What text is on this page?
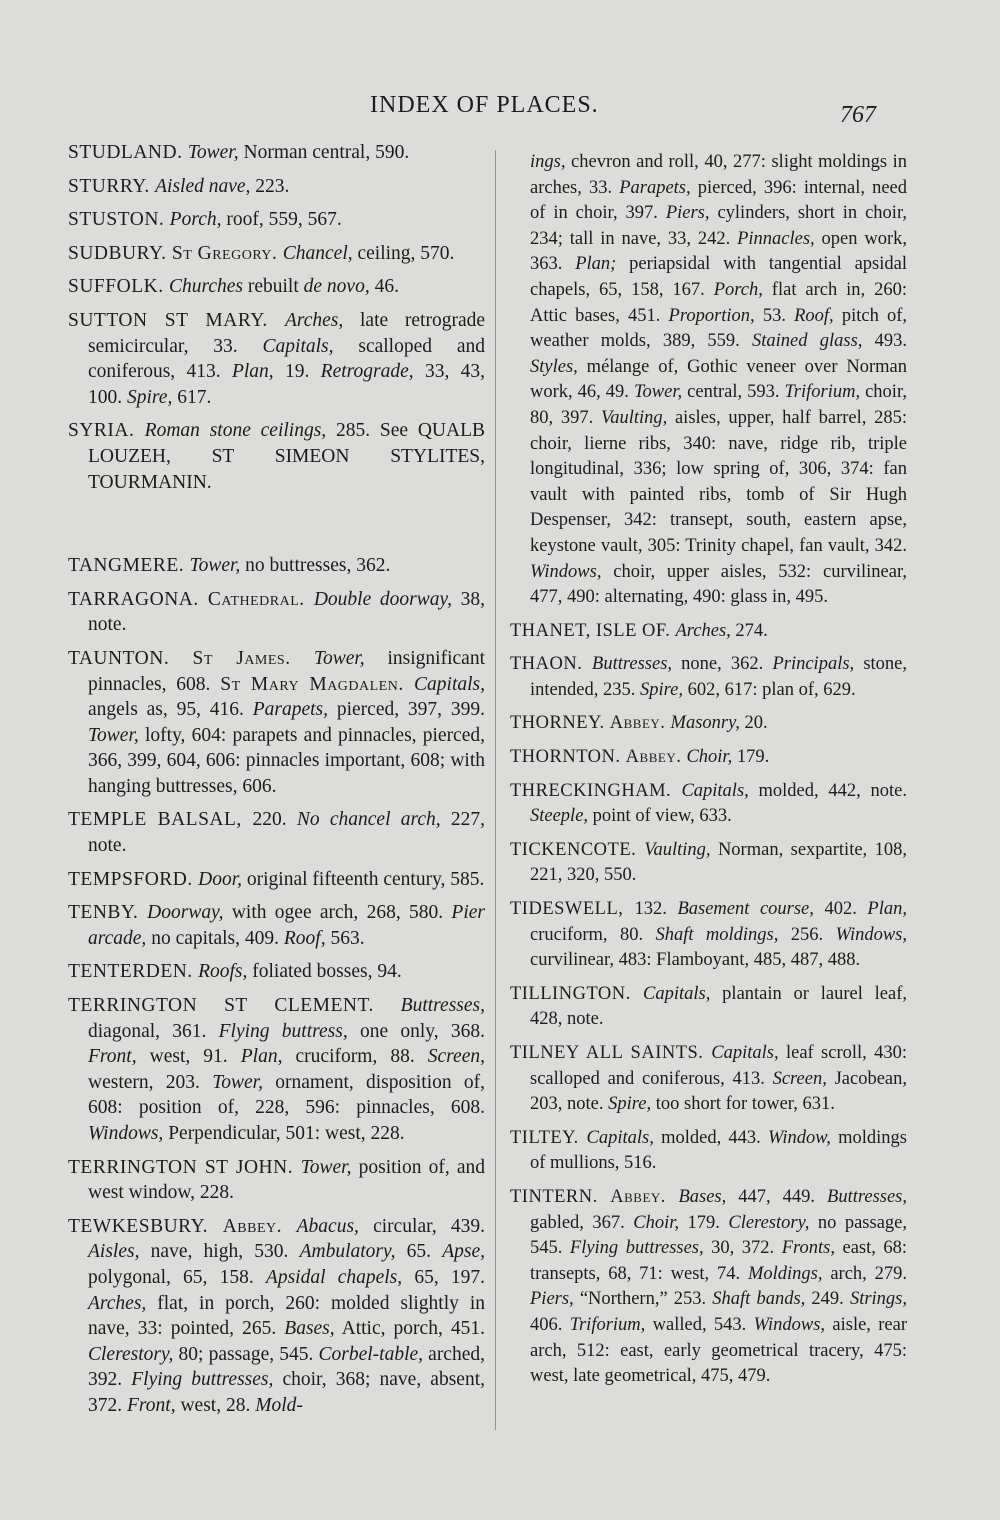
INDEX OF PLACES.	767

STUDLAND. Tower, Norman central, 590.

STURRY. Aisled nave, 223.

STUSTON. Porch, roof, 559, 567.

SUDBURY. St Gregory. Chancel, ceiling, 570.

SUFFOLK. Churches rebuilt de novo, 46.

SUTTON ST MARY. Arches, late retrograde semicircular, 33. Capitals, scalloped and coniferous, 413. Plan, 19. Retrograde, 33, 43, 100. Spire, 617.

SYRIA. Roman stone ceilings, 285. See QUALB LOUZEH, ST SIMEON STYLITES, TOURMANIN.

TANGMERE. Tower, no buttresses, 362.

TARRAGONA. Cathedral. Double doorway, 38, note.

TAUNTON. St James. Tower, insignificant pinnacles, 608. St Mary Magdalen. Capitals, angels as, 95, 416. Parapets, pierced, 397, 399. Tower, lofty, 604: parapets and pinnacles, pierced, 366, 399, 604, 606: pinnacles important, 608; with hanging buttresses, 606.

TEMPLE BALSAL, 220. No chancel arch, 227, note.

TEMPSFORD. Door, original fifteenth century, 585.

TENBY. Doorway, with ogee arch, 268, 580. Pier arcade, no capitals, 409. Roof, 563.

TENTERDEN. Roofs, foliated bosses, 94.

TERRINGTON ST CLEMENT. Buttresses, diagonal, 361. Flying buttress, one only, 368. Front, west, 91. Plan, cruciform, 88. Screen, western, 203. Tower, ornament, disposition of, 608: position of, 228, 596: pinnacles, 608. Windows, Perpendicular, 501: west, 228.

TERRINGTON ST JOHN. Tower, position of, and west window, 228.

TEWKESBURY. Abbey. Abacus, circular, 439. Aisles, nave, high, 530. Ambulatory, 65. Apse, polygonal, 65, 158. Apsidal chapels, 65, 197. Arches, flat, in porch, 260: molded slightly in nave, 33: pointed, 265. Bases, Attic, porch, 451. Clerestory, 80; passage, 545. Corbel-table, arched, 392. Flying buttresses, choir, 368; nave, absent, 372. Front, west, 28. Mold-

ings, chevron and roll, 40, 277: slight moldings in arches, 33. Parapets, pierced, 396: internal, need of in choir, 397. Piers, cylinders, short in choir, 234; tall in nave, 33, 242. Pinnacles, open work, 363. Plan; periapsidal with tangential apsidal chapels, 65, 158, 167. Porch, flat arch in, 260: Attic bases, 451. Proportion, 53. Roof, pitch of, weather molds, 389, 559. Stained glass, 493. Styles, mélange of, Gothic veneer over Norman work, 46, 49. Tower, central, 593. Triforium, choir, 80, 397. Vaulting, aisles, upper, half barrel, 285: choir, lierne ribs, 340: nave, ridge rib, triple longitudinal, 336; low spring of, 306, 374: fan vault with painted ribs, tomb of Sir Hugh Despenser, 342: transept, south, eastern apse, keystone vault, 305: Trinity chapel, fan vault, 342. Windows, choir, upper aisles, 532: curvilinear, 477, 490: alternating, 490: glass in, 495.

THANET, ISLE OF. Arches, 274.

THAON. Buttresses, none, 362. Principals, stone, intended, 235. Spire, 602, 617: plan of, 629.

THORNEY. Abbey. Masonry, 20.

THORNTON. Abbey. Choir, 179.

THRECKINGHAM. Capitals, molded, 442, note. Steeple, point of view, 633.

TICKENCOTE. Vaulting, Norman, sexpartite, 108, 221, 320, 550.

TIDESWELL, 132. Basement course, 402. Plan, cruciform, 80. Shaft moldings, 256. Windows, curvilinear, 483: Flamboyant, 485, 487, 488.

TILLINGTON. Capitals, plantain or laurel leaf, 428, note.

TILNEY ALL SAINTS. Capitals, leaf scroll, 430: scalloped and coniferous, 413. Screen, Jacobean, 203, note. Spire, too short for tower, 631.

TILTEY. Capitals, molded, 443. Window, moldings of mullions, 516.

TINTERN. Abbey. Bases, 447, 449. Buttresses, gabled, 367. Choir, 179. Clerestory, no passage, 545. Flying buttresses, 30, 372. Fronts, east, 68: transepts, 68, 71: west, 74. Moldings, arch, 279. Piers, “Northern,” 253. Shaft bands, 249. Strings, 406. Triforium, walled, 543. Windows, aisle, rear arch, 512: east, early geometrical tracery, 475: west, late geometrical, 475, 479.
